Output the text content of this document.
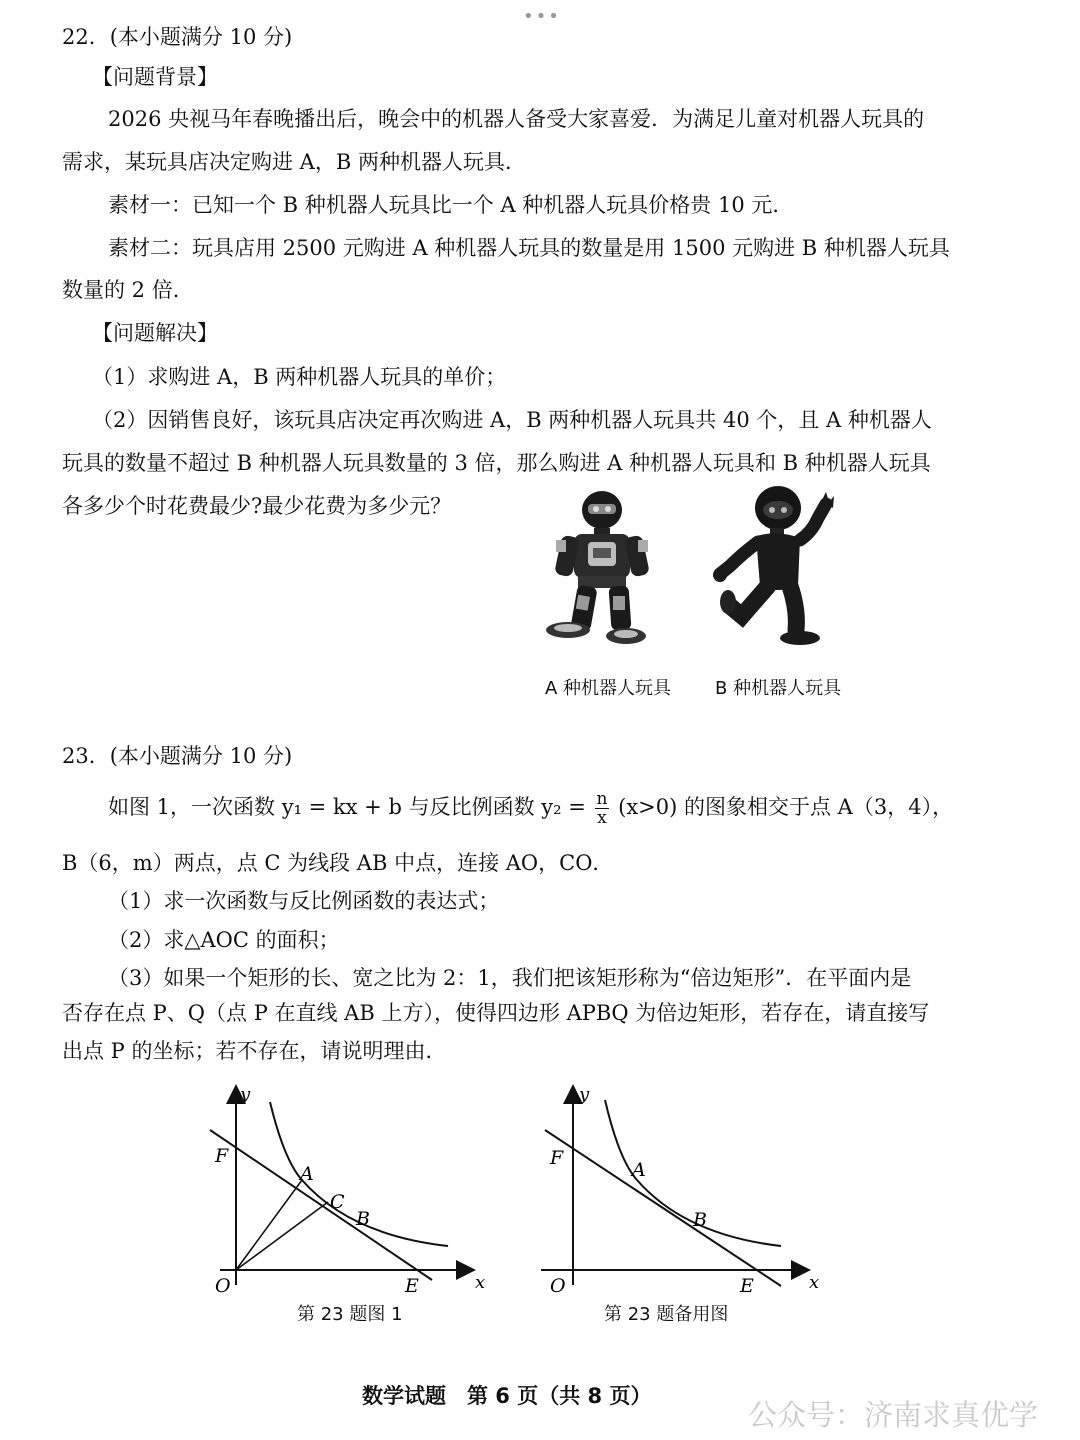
•••
22．(本小题满分 10 分)
【问题背景】
2026 央视马年春晚播出后，晚会中的机器人备受大家喜爱．为满足儿童对机器人玩具的
需求，某玩具店决定购进 A，B 两种机器人玩具．
素材一：已知一个 B 种机器人玩具比一个 A 种机器人玩具价格贵 10 元．
素材二：玩具店用 2500 元购进 A 种机器人玩具的数量是用 1500 元购进 B 种机器人玩具
数量的 2 倍．
【问题解决】
（1）求购进 A，B 两种机器人玩具的单价；
（2）因销售良好，该玩具店决定再次购进 A，B 两种机器人玩具共 40 个，且 A 种机器人
玩具的数量不超过 B 种机器人玩具数量的 3 倍，那么购进 A 种机器人玩具和 B 种机器人玩具
各多少个时花费最少?最少花费为多少元？
A 种机器人玩具 B 种机器人玩具
23．(本小题满分 10 分)
如图 1，一次函数 y₁ = kx + b 与反比例函数 $y_2 = \frac{n}{x} (x>0)$ 的图象相交于点 A（3，4），
B（6，m）两点，点 C 为线段 AB 中点，连接 AO，CO．
（1）求一次函数与反比例函数的表达式；
（2）求△AOC 的面积；
（3）如果一个矩形的长、宽之比为 2：1，我们把该矩形称为“倍边矩形”．在平面内是
否存在点 P、Q（点 P 在直线 AB 上方），使得四边形 APBQ 为倍边矩形，若存在，请直接写
出点 P 的坐标；若不存在，请说明理由．
y
x
O
F
A
C
B
E
第 23 题图 1
y
x
O
F
A
B
E
第 23 题备用图
数学试题　第 6 页（共 8 页）
公众号：济南求真优学
